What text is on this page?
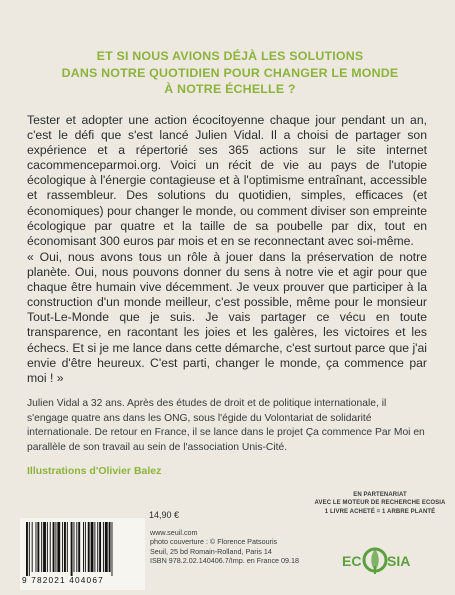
ET SI NOUS AVIONS DÉJÀ LES SOLUTIONS
DANS NOTRE QUOTIDIEN POUR CHANGER LE MONDE
À NOTRE ÉCHELLE ?

Tester et adopter une action écocitoyenne chaque jour pendant un an, c'est le défi que s'est lancé Julien Vidal. Il a choisi de partager son expérience et a répertorié ses 365 actions sur le site internet cacommenceparmoi.org. Voici un récit de vie au pays de l'utopie écologique à l'énergie contagieuse et à l'optimisme entraînant, accessible et rassembleur. Des solutions du quotidien, simples, efficaces (et économiques) pour changer le monde, ou comment diviser son empreinte écologique par quatre et la taille de sa poubelle par dix, tout en économisant 300 euros par mois et en se reconnectant avec soi-même.

« Oui, nous avons tous un rôle à jouer dans la préservation de notre planète. Oui, nous pouvons donner du sens à notre vie et agir pour que chaque être humain vive décemment. Je veux prouver que participer à la construction d'un monde meilleur, c'est possible, même pour le monsieur Tout-Le-Monde que je suis. Je vais partager ce vécu en toute transparence, en racontant les joies et les galères, les victoires et les échecs. Et si je me lance dans cette démarche, c'est surtout parce que j'ai envie d'être heureux. C'est parti, changer le monde, ça commence par moi ! »

Julien Vidal a 32 ans. Après des études de droit et de politique internationale, il s'engage quatre ans dans les ONG, sous l'égide du Volontariat de solidarité internationale. De retour en France, il se lance dans le projet Ça commence Par Moi en parallèle de son travail au sein de l'association Unis-Cité.

Illustrations d'Olivier Balez
EN PARTENARIAT
AVEC LE MOTEUR DE RECHERCHE ECOSIA
1 LIVRE ACHETÉ = 1 ARBRE PLANTÉ
14,90 €
www.seuil.com
photo couverture : © Florence Patsouris
Seuil, 25 bd Romain-Rolland, Paris 14
ISBN 978.2.02.140406.7/Imp. en France 09.18
9 782021 404067
EC SIA
